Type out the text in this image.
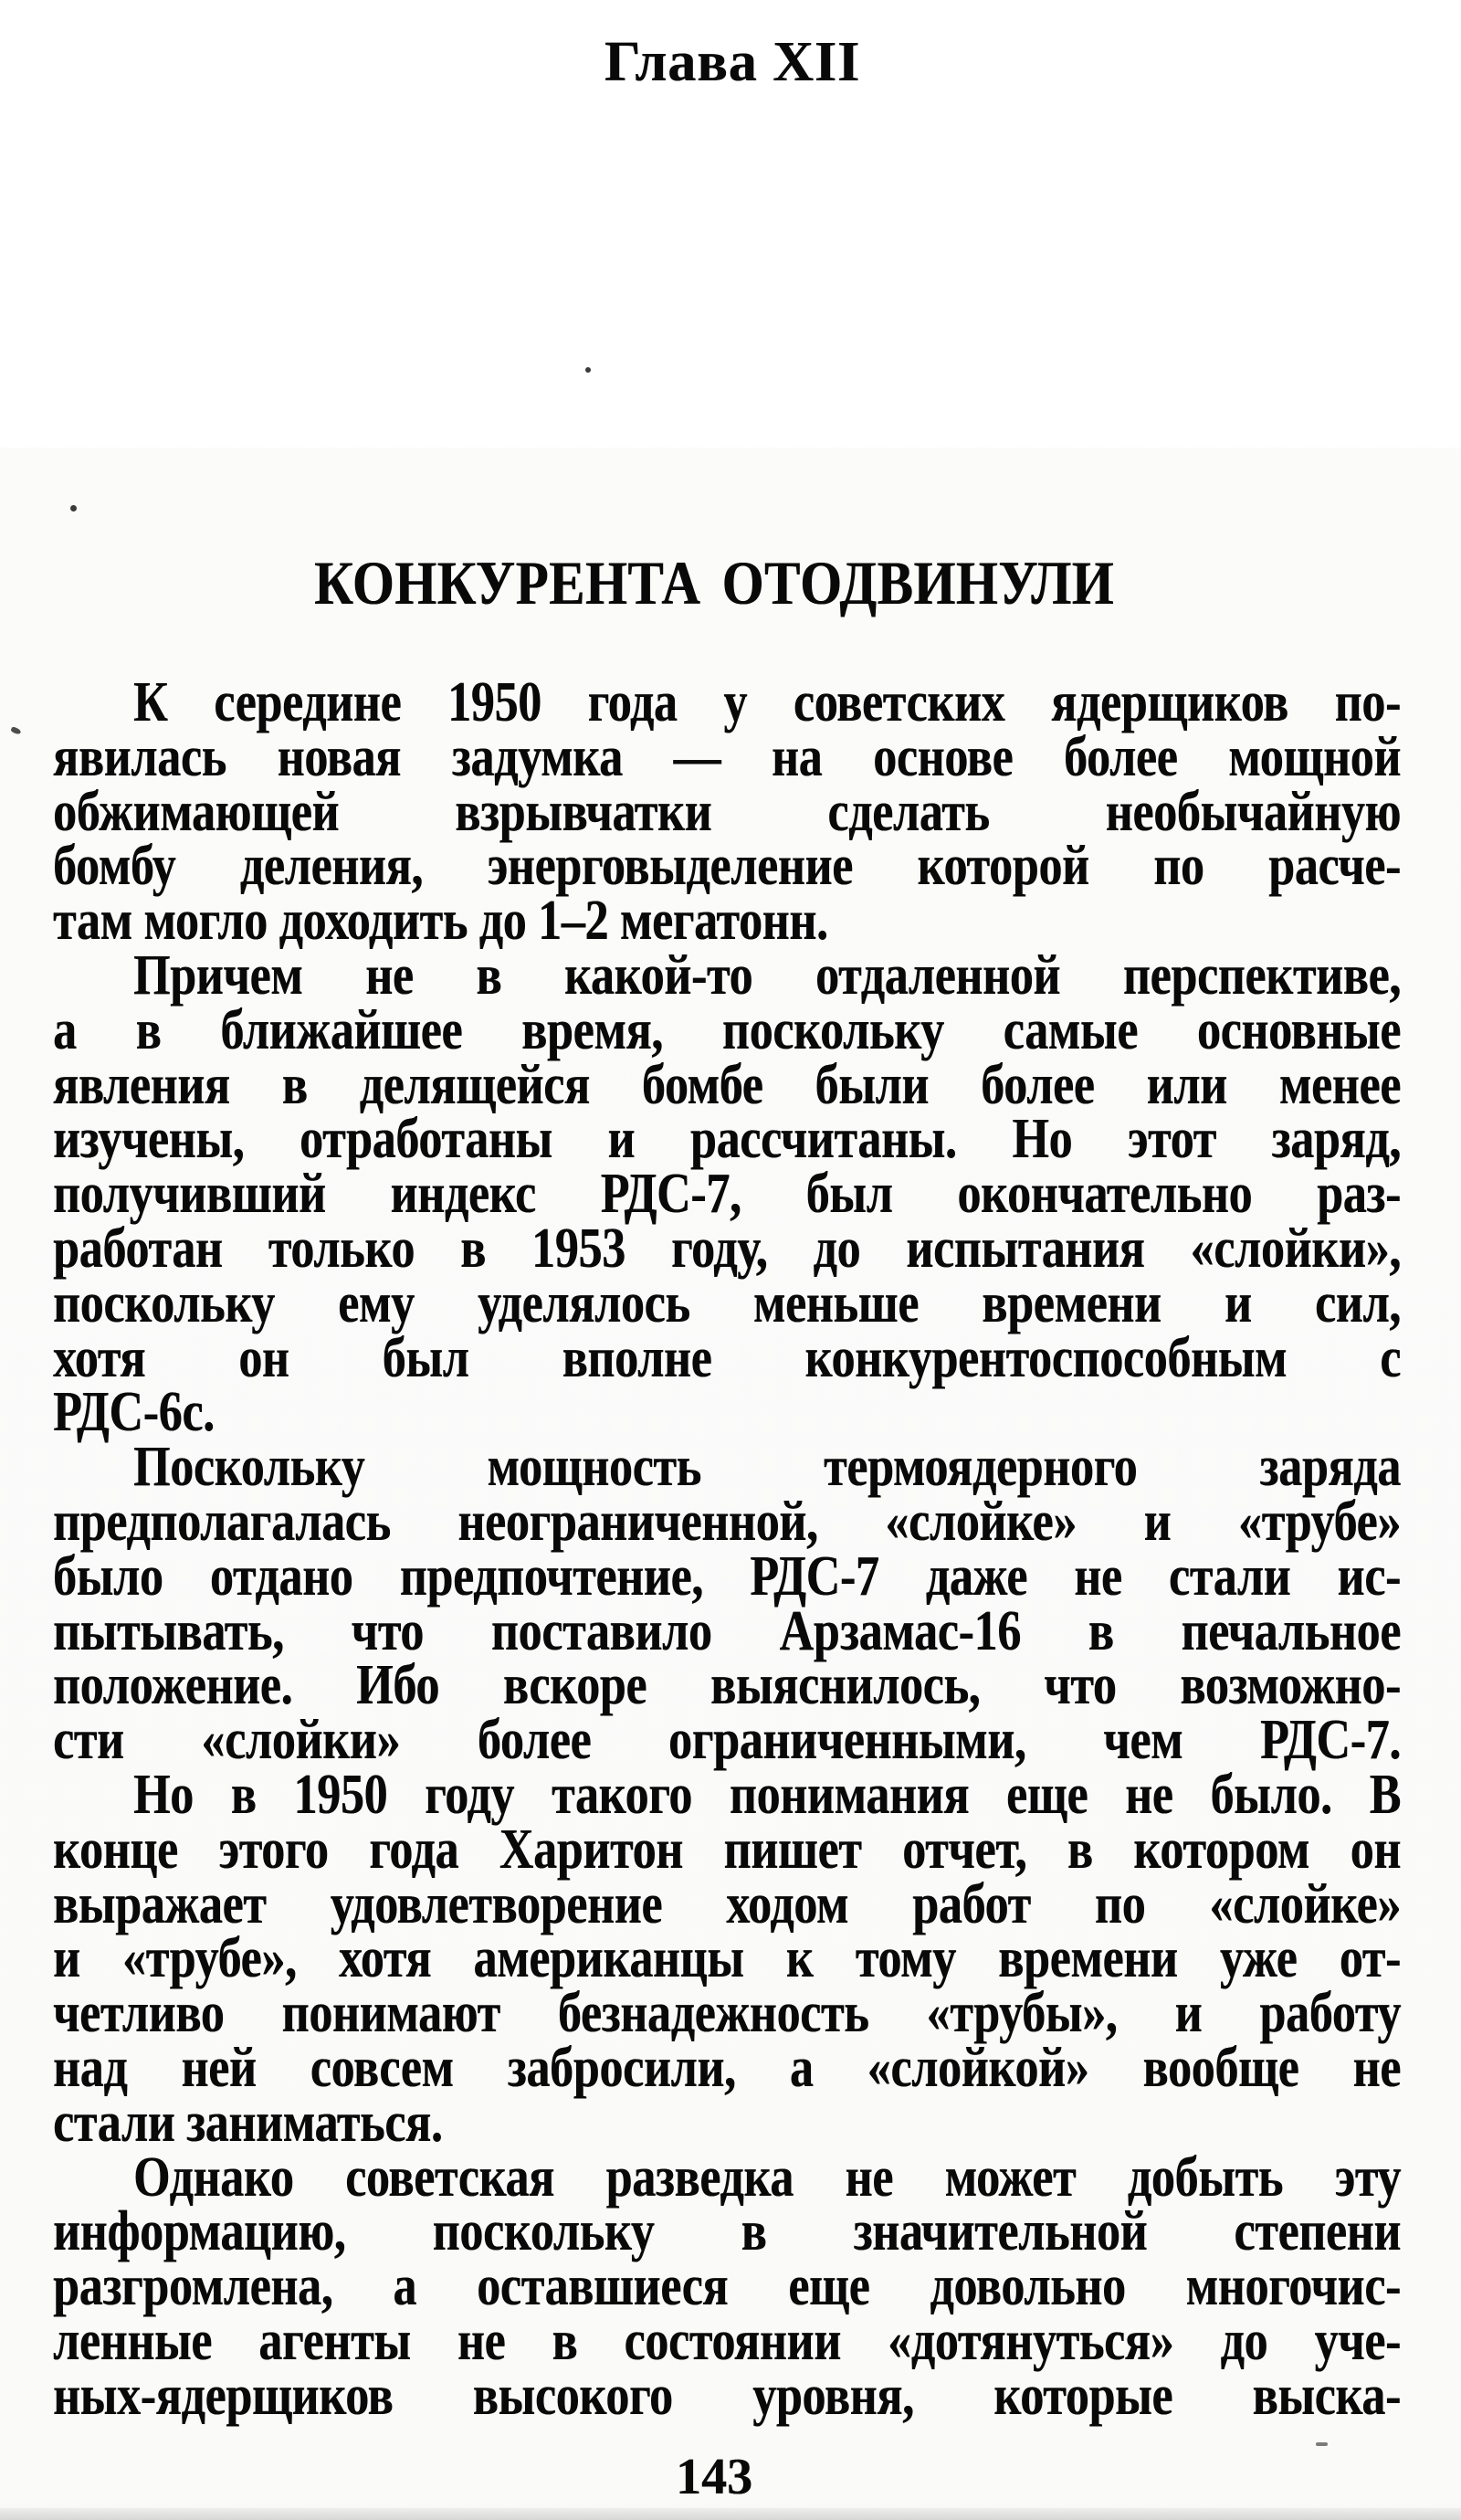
Глава XII
КОНКУРЕНТА ОТОДВИНУЛИ
К середине 1950 года у советских ядерщиков по-
явилась новая задумка — на основе более мощной
обжимающей взрывчатки сделать необычайную
бомбу деления, энерговыделение которой по расче-
там могло доходить до 1–2 мегатонн.
Причем не в какой-то отдаленной перспективе,
а в ближайшее время, поскольку самые основные
явления в делящейся бомбе были более или менее
изучены, отработаны и рассчитаны. Но этот заряд,
получивший индекс РДС-7, был окончательно раз-
работан только в 1953 году, до испытания «слойки»,
поскольку ему уделялось меньше времени и сил,
хотя он был вполне конкурентоспособным с
РДС-6с.
Поскольку мощность термоядерного заряда
предполагалась неограниченной, «слойке» и «трубе»
было отдано предпочтение, РДС-7 даже не стали ис-
пытывать, что поставило Арзамас-16 в печальное
положение. Ибо вскоре выяснилось, что возможно-
сти «слойки» более ограниченными, чем РДС-7.
Но в 1950 году такого понимания еще не было. В
конце этого года Харитон пишет отчет, в котором он
выражает удовлетворение ходом работ по «слойке»
и «трубе», хотя американцы к тому времени уже от-
четливо понимают безнадежность «трубы», и работу
над ней совсем забросили, а «слойкой» вообще не
стали заниматься.
Однако советская разведка не может добыть эту
информацию, поскольку в значительной степени
разгромлена, а оставшиеся еще довольно многочис-
ленные агенты не в состоянии «дотянуться» до уче-
ных-ядерщиков высокого уровня, которые выска-
143
